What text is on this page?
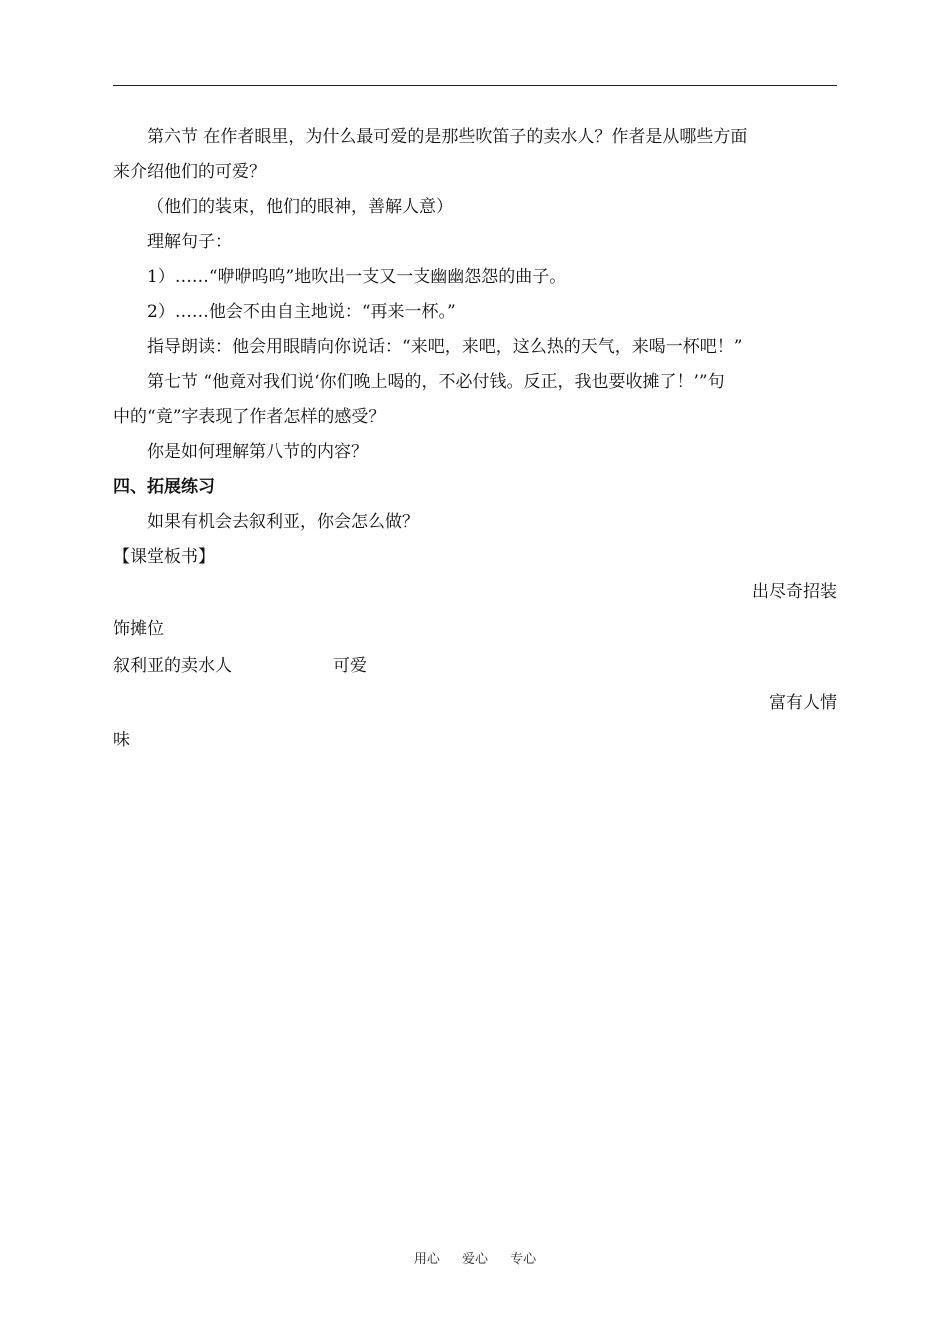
第六节 在作者眼里，为什么最可爱的是那些吹笛子的卖水人？作者是从哪些方面

来介绍他们的可爱？

（他们的装束，他们的眼神，善解人意）

理解句子：

1）……“咿咿呜呜”地吹出一支又一支幽幽怨怨的曲子。

2）……他会不由自主地说：“再来一杯。”

指导朗读：他会用眼睛向你说话：“来吧，来吧，这么热的天气，来喝一杯吧！”

第七节 “他竟对我们说‘你们晚上喝的，不必付钱。反正，我也要收摊了！’”句

中的“竟”字表现了作者怎样的感受？

你是如何理解第八节的内容？

四、拓展练习

如果有机会去叙利亚，你会怎么做？

【课堂板书】

出尽奇招装
饰摊位
叙利亚的卖水人	可爱
富有人情
味
用心 爱心 专心
